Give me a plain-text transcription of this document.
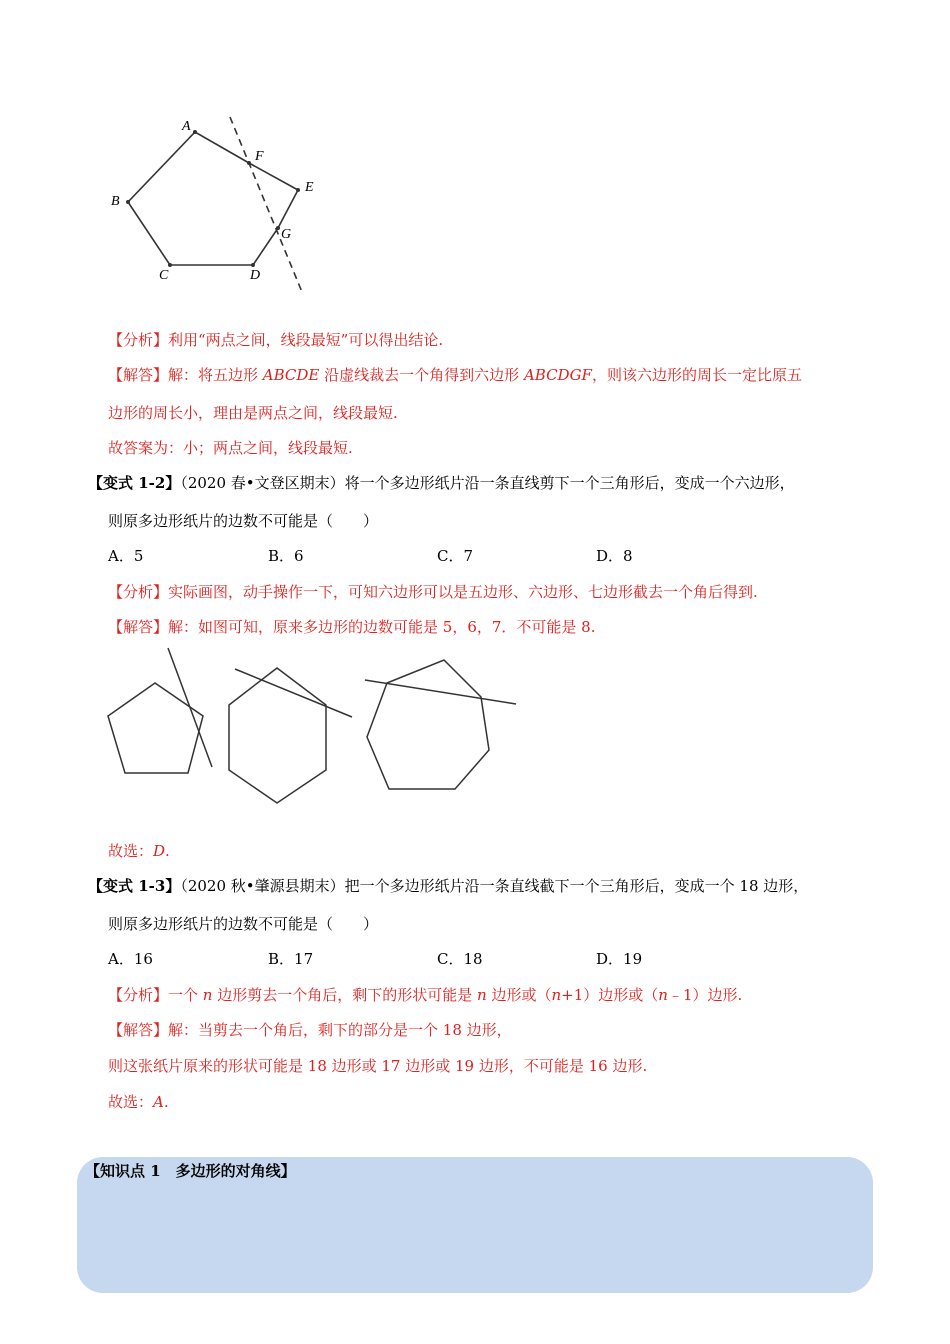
A
F
E
B
G
C	D
【分析】利用“两点之间，线段最短”可以得出结论.
【解答】解：将五边形 ABCDE 沿虚线裁去一个角得到六边形 ABCDGF，则该六边形的周长一定比原五
边形的周长小，理由是两点之间，线段最短.
故答案为：小；两点之间，线段最短.
【变式 1-2】（2020 春•文登区期末）将一个多边形纸片沿一条直线剪下一个三角形后，变成一个六边形，
则原多边形纸片的边数不可能是（　　）
A．5	B．6	C．7	D．8
【分析】实际画图，动手操作一下，可知六边形可以是五边形、六边形、七边形截去一个角后得到.
【解答】解：如图可知，原来多边形的边数可能是 5，6，7．不可能是 8.
故选：D.
【变式 1-3】（2020 秋•肇源县期末）把一个多边形纸片沿一条直线截下一个三角形后，变成一个 18 边形，
则原多边形纸片的边数不可能是（　　）
A．16	B．17	C．18	D．19
【分析】一个 n 边形剪去一个角后，剩下的形状可能是 n 边形或（n+1）边形或（n﹣1）边形.
【解答】解：当剪去一个角后，剩下的部分是一个 18 边形，
则这张纸片原来的形状可能是 18 边形或 17 边形或 19 边形，不可能是 16 边形.
故选：A.
【知识点 1　多边形的对角线】
